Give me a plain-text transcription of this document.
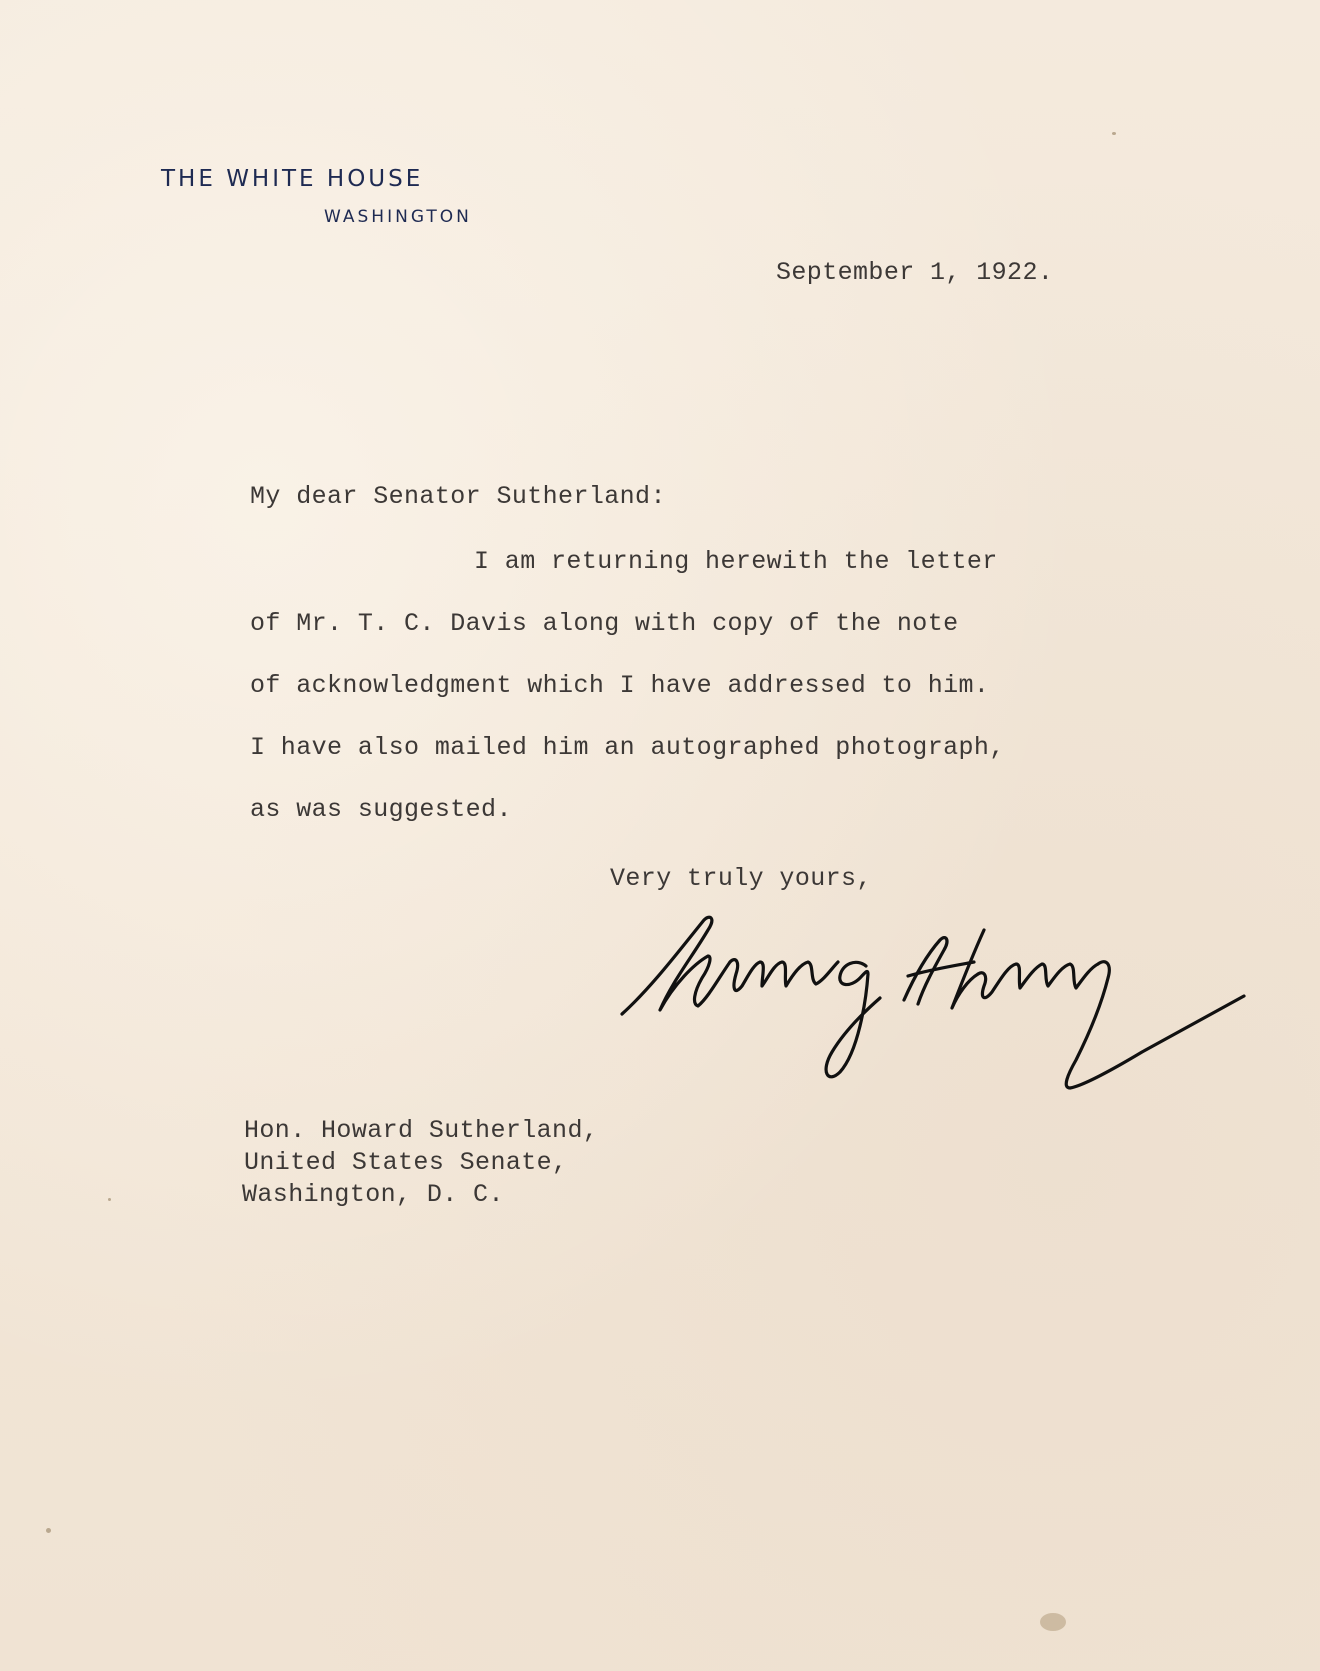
THE WHITE HOUSE
WASHINGTON
September 1, 1922.
My dear Senator Sutherland:
I am returning herewith the letter
of Mr. T. C. Davis along with copy of the note
of acknowledgment which I have addressed to him.
I have also mailed him an autographed photograph,
as was suggested.
Very truly yours,
Hon. Howard Sutherland,
United States Senate,
Washington, D. C.
